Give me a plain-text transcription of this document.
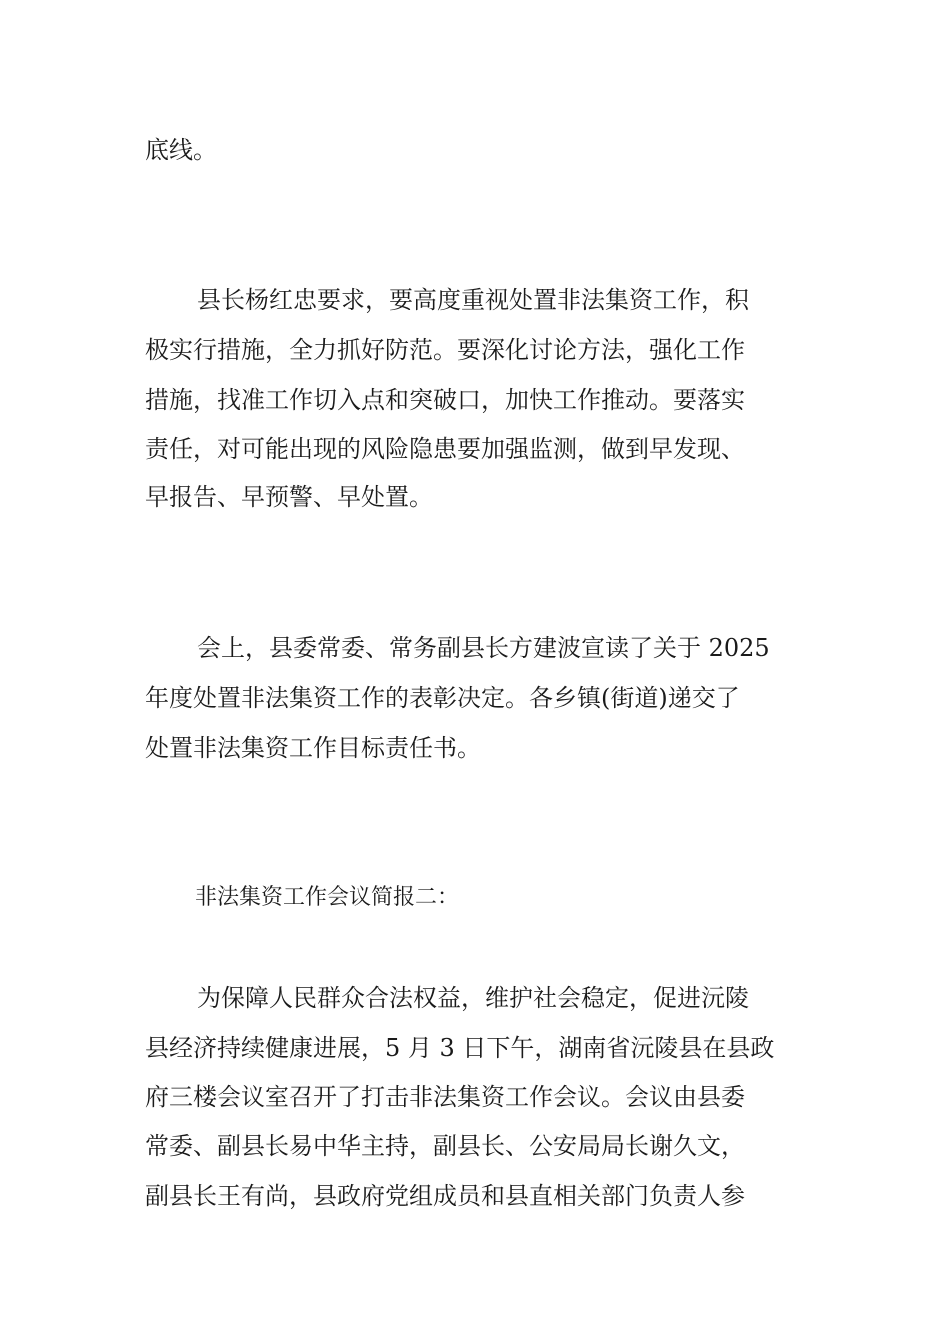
底线。

县长杨红忠要求，要高度重视处置非法集资工作，积

极实行措施，全力抓好防范。要深化讨论方法，强化工作

措施，找准工作切入点和突破口，加快工作推动。要落实

责任，对可能出现的风险隐患要加强监测，做到早发现、

早报告、早预警、早处置。

会上，县委常委、常务副县长方建波宣读了关于 2025

年度处置非法集资工作的表彰决定。各乡镇(街道)递交了

处置非法集资工作目标责任书。

非法集资工作会议简报二：

为保障人民群众合法权益，维护社会稳定，促进沅陵

县经济持续健康进展，5 月 3 日下午，湖南省沅陵县在县政

府三楼会议室召开了打击非法集资工作会议。会议由县委

常委、副县长易中华主持，副县长、公安局局长谢久文，

副县长王有尚，县政府党组成员和县直相关部门负责人参
